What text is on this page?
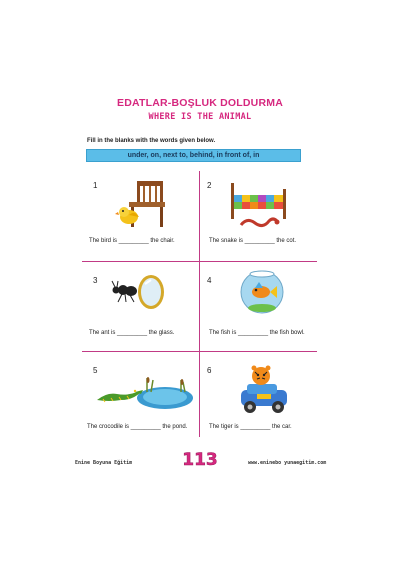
EDATLAR-BOŞLUK DOLDURMA
WHERE IS THE ANIMAL
Fill in the blanks with the words given below.
under, on, next to, behind, in front of, in
1
The bird is _________ the chair.
2
The snake is _________ the cot.
3
The ant is _________ the glass.
4
The fish is _________ the fish bowl.
5
The crocodile is _________ the pond.
6
The tiger is _________ the car.
Enine Boyuna Eğitim	113	www.eninebo yunaegitim.com
